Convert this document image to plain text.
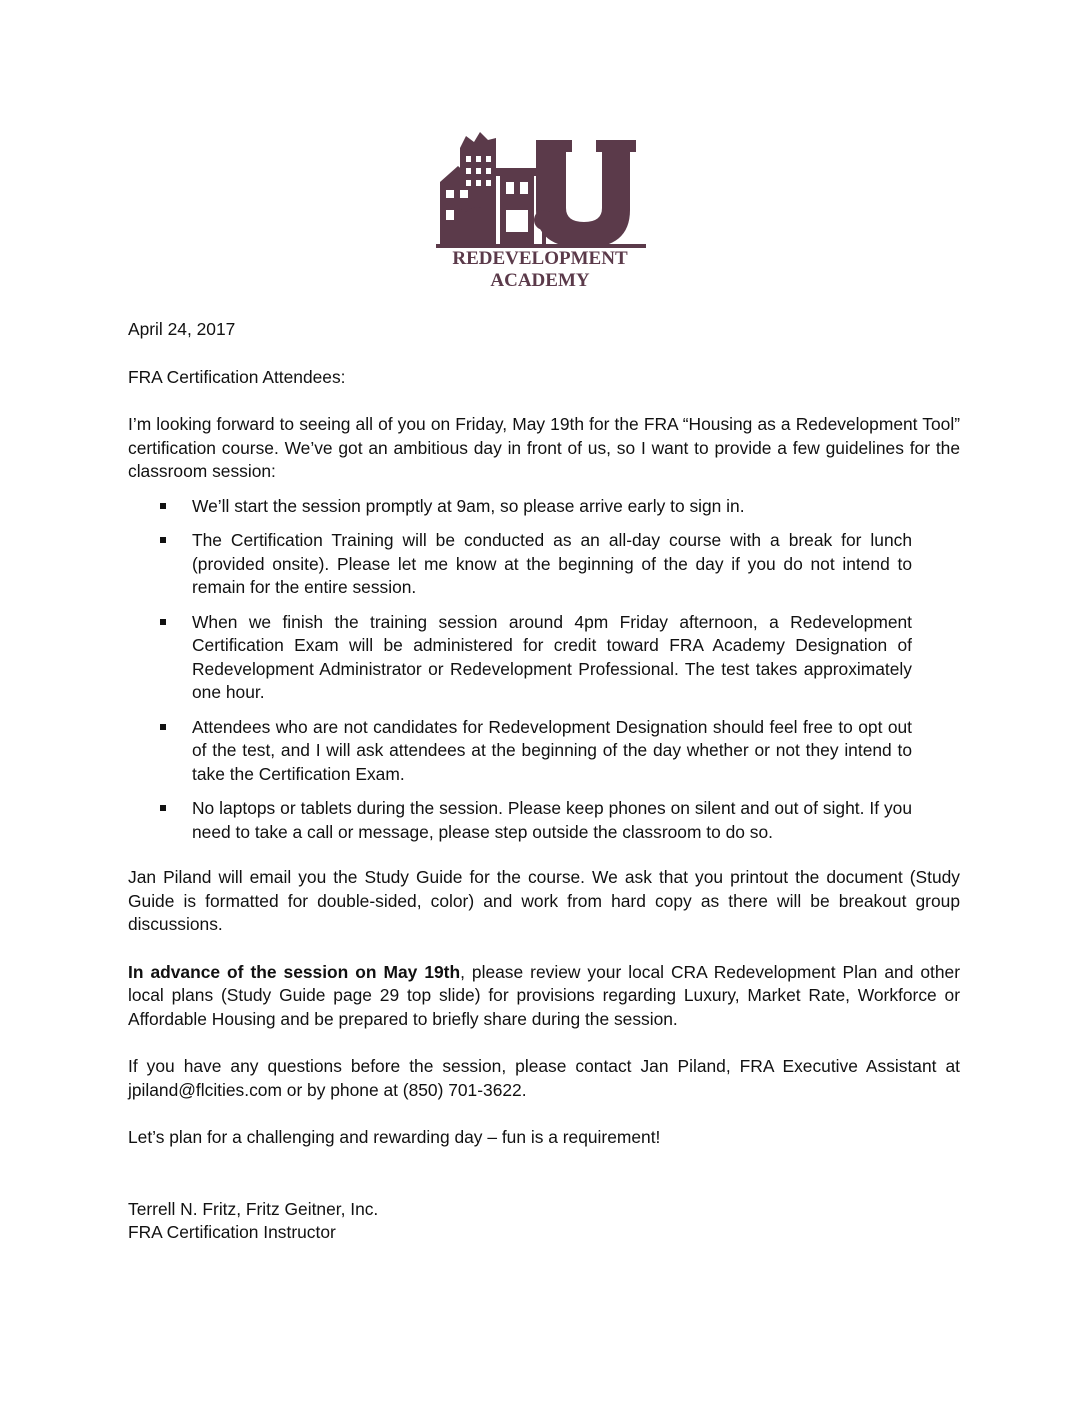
REDEVELOPMENT
ACADEMY

April 24, 2017

FRA Certification Attendees:

I’m looking forward to seeing all of you on Friday, May 19th for the FRA “Housing as a Redevelopment Tool” certification course. We’ve got an ambitious day in front of us, so I want to provide a few guidelines for the classroom session:

We’ll start the session promptly at 9am, so please arrive early to sign in.
The Certification Training will be conducted as an all-day course with a break for lunch (provided onsite). Please let me know at the beginning of the day if you do not intend to remain for the entire session.
When we finish the training session around 4pm Friday afternoon, a Redevelopment Certification Exam will be administered for credit toward FRA Academy Designation of Redevelopment Administrator or Redevelopment Professional. The test takes approximately one hour.
Attendees who are not candidates for Redevelopment Designation should feel free to opt out of the test, and I will ask attendees at the beginning of the day whether or not they intend to take the Certification Exam.
No laptops or tablets during the session. Please keep phones on silent and out of sight. If you need to take a call or message, please step outside the classroom to do so.

Jan Piland will email you the Study Guide for the course. We ask that you printout the document (Study Guide is formatted for double-sided, color) and work from hard copy as there will be breakout group discussions.

In advance of the session on May 19th, please review your local CRA Redevelopment Plan and other local plans (Study Guide page 29 top slide) for provisions regarding Luxury, Market Rate, Workforce or Affordable Housing and be prepared to briefly share during the session.

If you have any questions before the session, please contact Jan Piland, FRA Executive Assistant at jpiland@flcities.com or by phone at (850) 701-3622.

Let’s plan for a challenging and rewarding day – fun is a requirement!

Terrell N. Fritz, Fritz Geitner, Inc.

FRA Certification Instructor
